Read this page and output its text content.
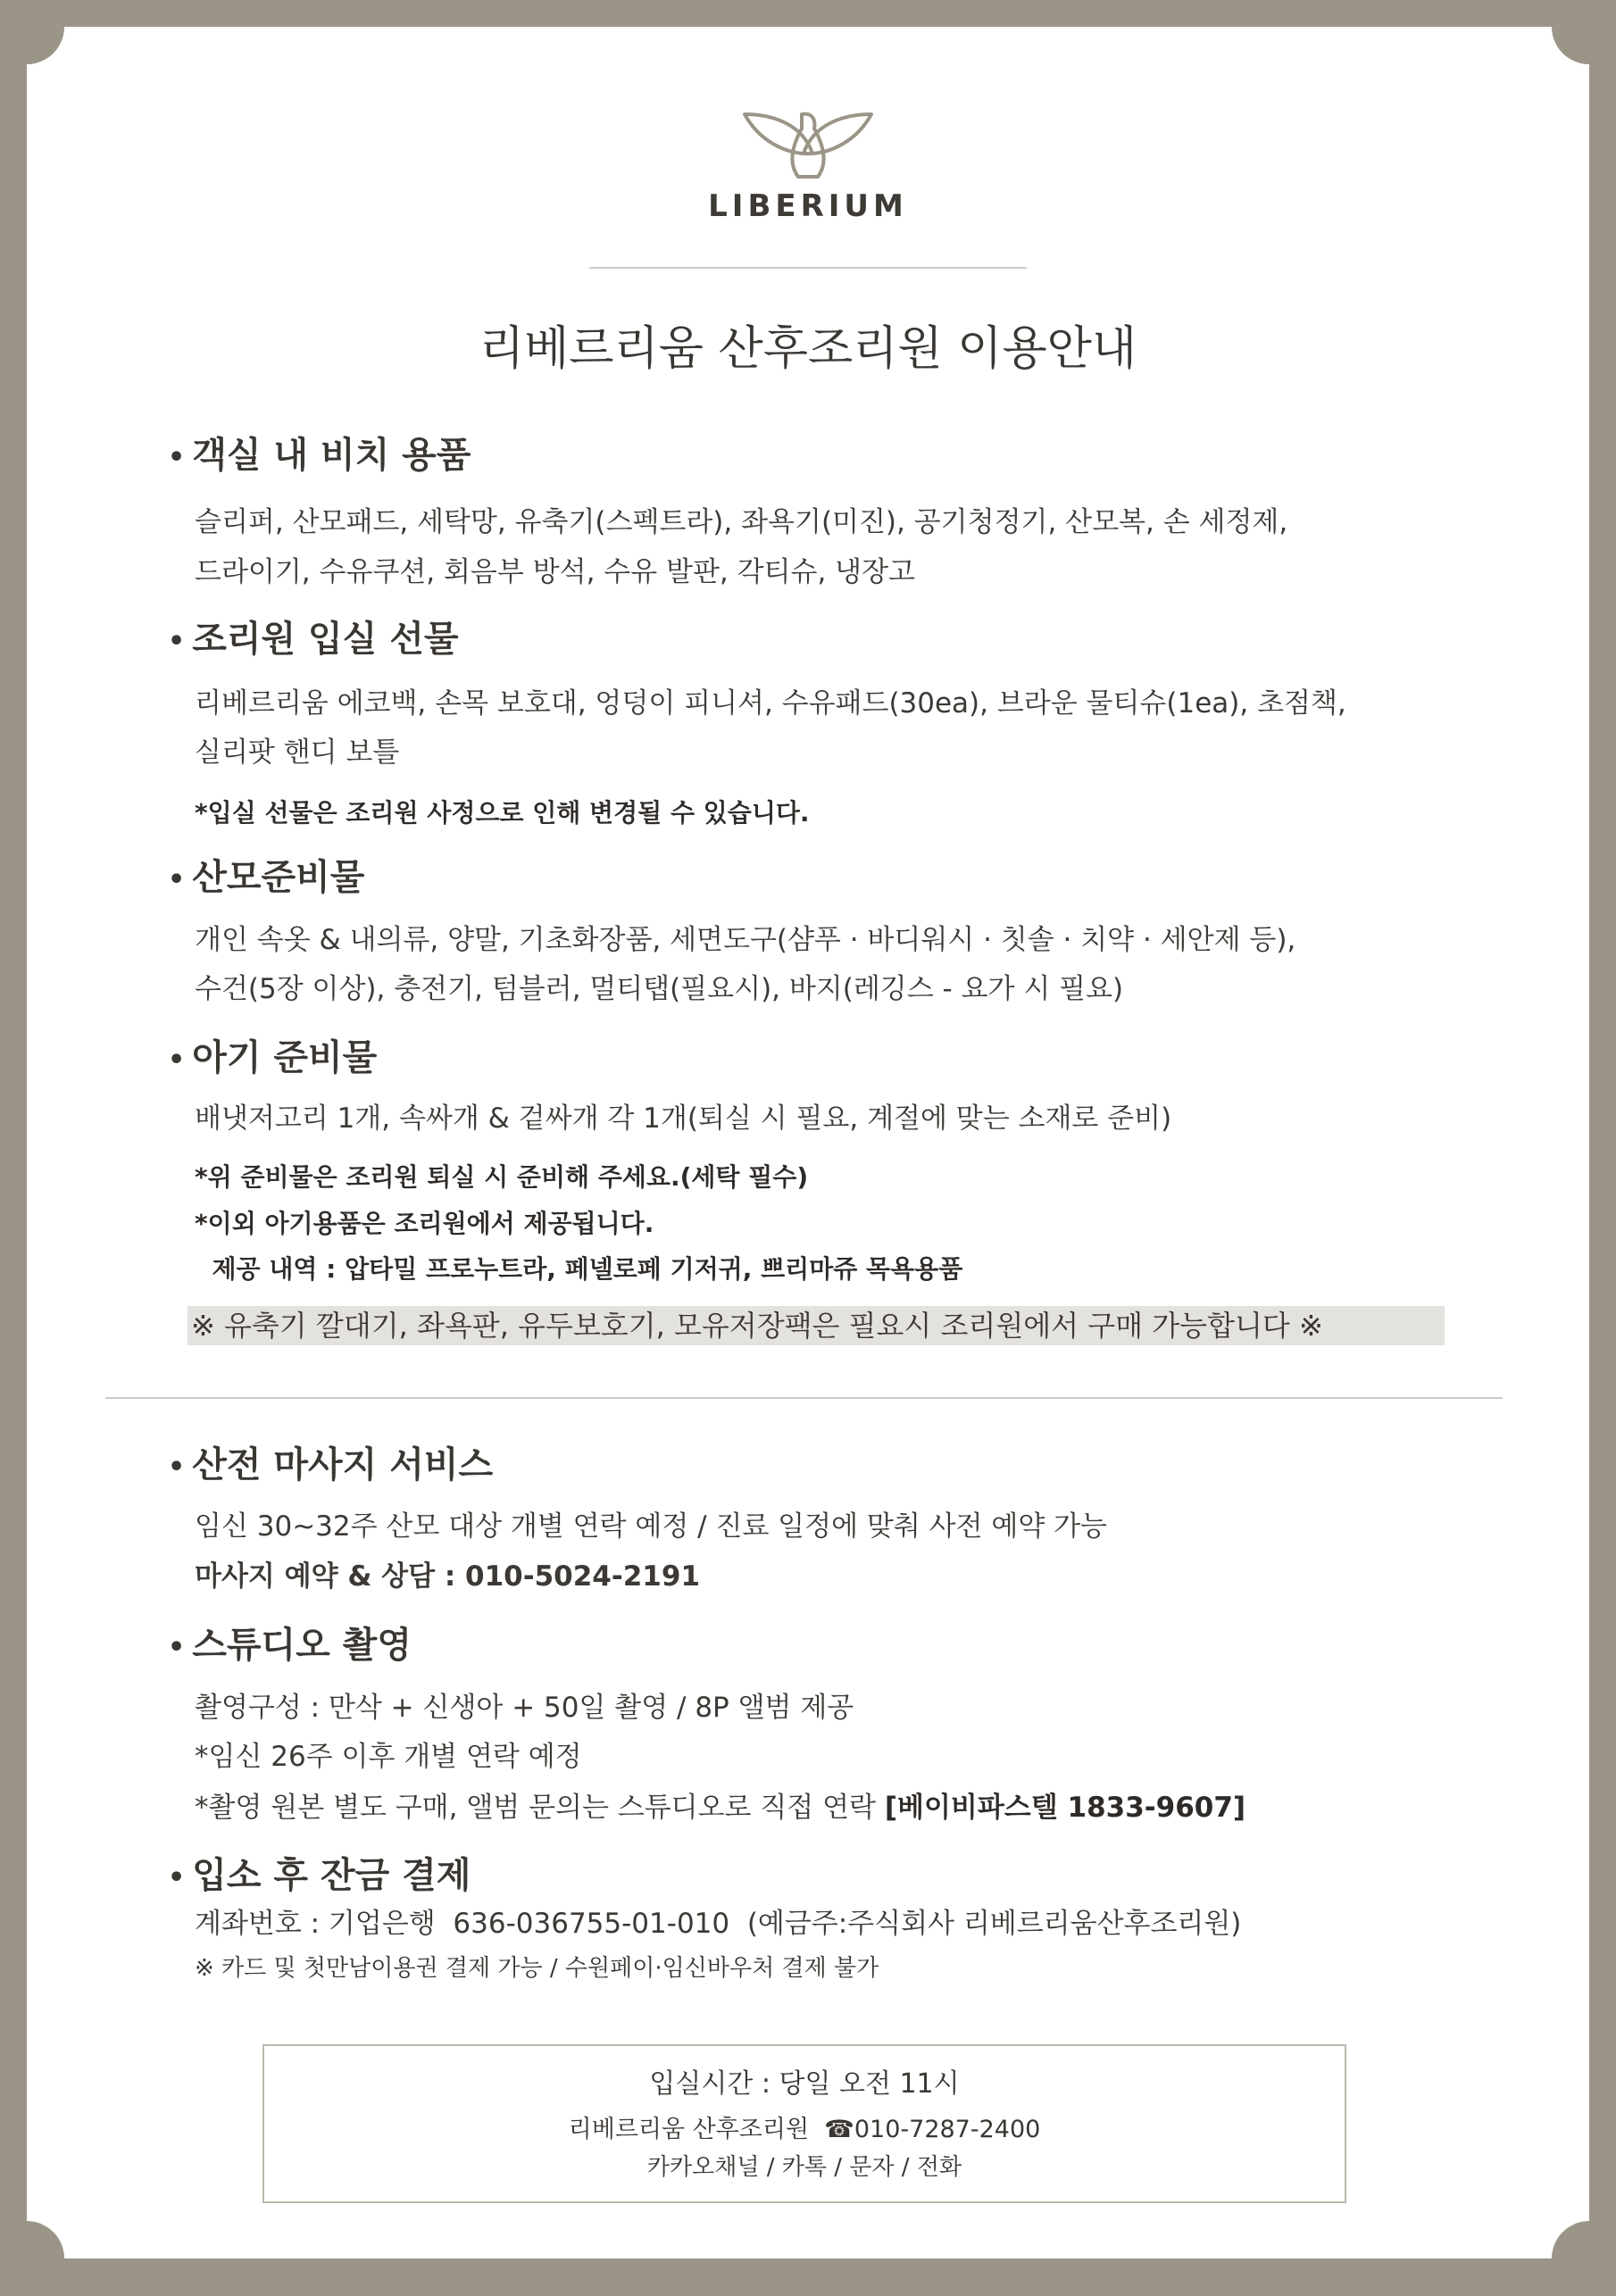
LIBERIUM
리베르리움 산후조리원 이용안내
• 객실 내 비치 용품
슬리퍼, 산모패드, 세탁망, 유축기(스펙트라), 좌욕기(미진), 공기청정기, 산모복, 손 세정제,
드라이기, 수유쿠션, 회음부 방석, 수유 발판, 각티슈, 냉장고
• 조리원 입실 선물
리베르리움 에코백, 손목 보호대, 엉덩이 피니셔, 수유패드(30ea), 브라운 물티슈(1ea), 초점책,
실리팟 핸디 보틀
*입실 선물은 조리원 사정으로 인해 변경될 수 있습니다.
• 산모준비물
개인 속옷 & 내의류, 양말, 기초화장품, 세면도구(샴푸 · 바디워시 · 칫솔 · 치약 · 세안제 등),
수건(5장 이상), 충전기, 텀블러, 멀티탭(필요시), 바지(레깅스 - 요가 시 필요)
• 아기 준비물
배냇저고리 1개, 속싸개 & 겉싸개 각 1개(퇴실 시 필요, 계절에 맞는 소재로 준비)
*위 준비물은 조리원 퇴실 시 준비해 주세요.(세탁 필수)
*이외 아기용품은 조리원에서 제공됩니다.
제공 내역 : 압타밀 프로누트라, 페넬로페 기저귀, 쁘리마쥬 목욕용품
※ 유축기 깔대기, 좌욕판, 유두보호기, 모유저장팩은 필요시 조리원에서 구매 가능합니다 ※
• 산전 마사지 서비스
임신 30~32주 산모 대상 개별 연락 예정 / 진료 일정에 맞춰 사전 예약 가능
마사지 예약 & 상담 : 010-5024-2191
• 스튜디오 촬영
촬영구성 : 만삭 + 신생아 + 50일 촬영 / 8P 앨범 제공
*임신 26주 이후 개별 연락 예정
*촬영 원본 별도 구매, 앨범 문의는 스튜디오로 직접 연락 [베이비파스텔 1833-9607]
• 입소 후 잔금 결제
계좌번호 : 기업은행  636-036755-01-010  (예금주:주식회사 리베르리움산후조리원)
※ 카드 및 첫만남이용권 결제 가능 / 수원페이·임신바우처 결제 불가
입실시간 : 당일 오전 11시
리베르리움 산후조리원 ☎010-7287-2400
카카오채널 / 카톡 / 문자 / 전화
